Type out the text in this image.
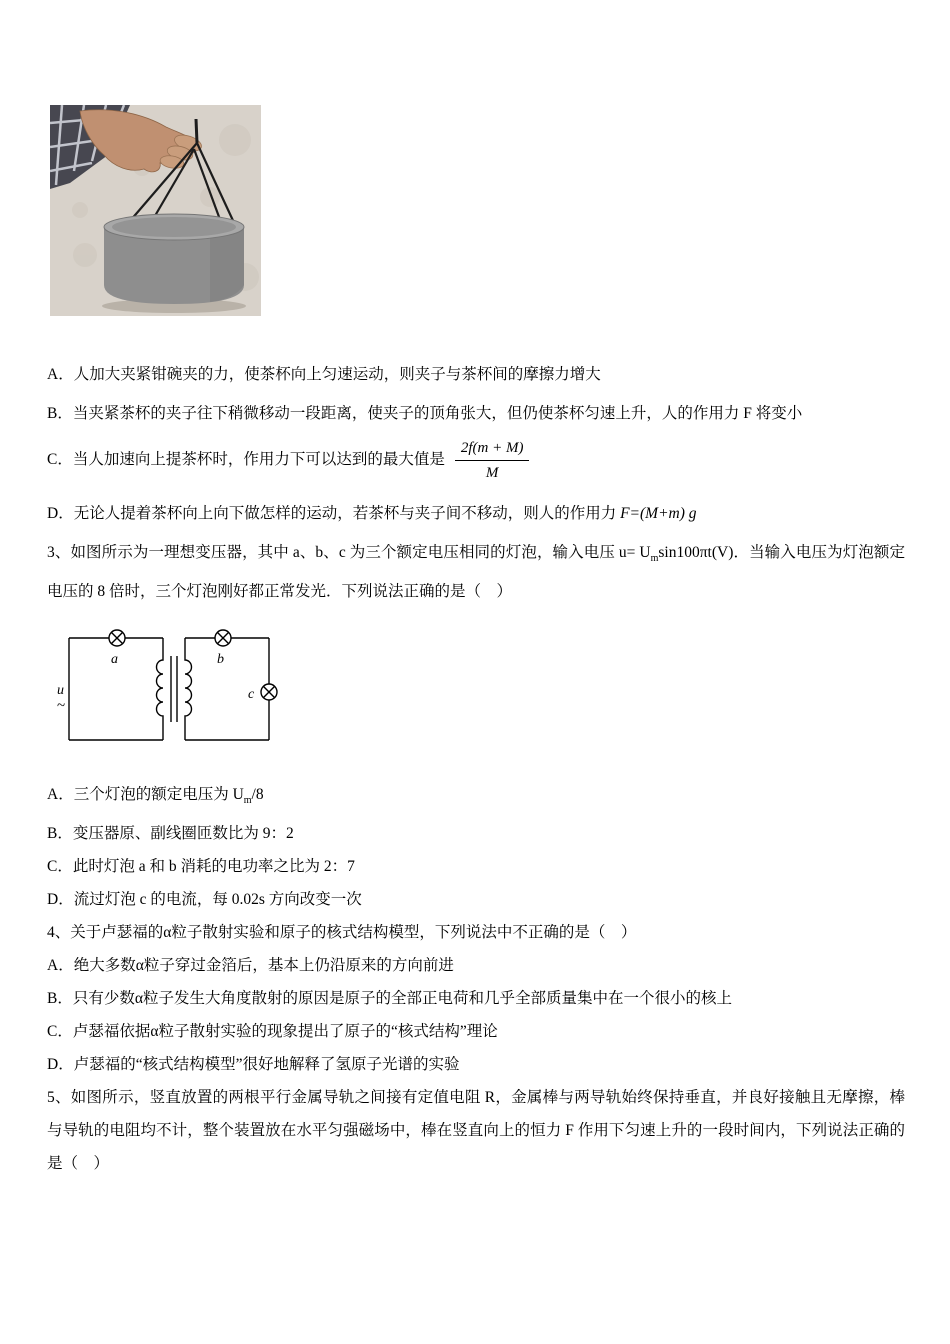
A．人加大夹紧钳碗夹的力，使茶杯向上匀速运动，则夹子与茶杯间的摩擦力增大

B．当夹紧茶杯的夹子往下稍微移动一段距离，使夹子的顶角张大，但仍使茶杯匀速上升，人的作用力 F 将变小

C．当人加速向上提茶杯时，作用力下可以达到的最大值是 $\frac{2f(m + M)}{M}$

D．无论人提着茶杯向上向下做怎样的运动，若茶杯与夹子间不移动，则人的作用力 F=(M+m) g

3、如图所示为一理想变压器，其中 a、b、c 为三个额定电压相同的灯泡，输入电压 $u= U_m\sin 100\pi t(V)$．当输入电压为灯泡额定电压的 8 倍时，三个灯泡刚好都正常发光．下列说法正确的是（　）

a	b
c
u
~

A．三个灯泡的额定电压为 $U_m/8$

B．变压器原、副线圈匝数比为 9：2

C．此时灯泡 a 和 b 消耗的电功率之比为 2：7

D．流过灯泡 c 的电流，每 0.02s 方向改变一次

4、关于卢瑟福的α粒子散射实验和原子的核式结构模型，下列说法中不正确的是（　）

A．绝大多数α粒子穿过金箔后，基本上仍沿原来的方向前进

B．只有少数α粒子发生大角度散射的原因是原子的全部正电荷和几乎全部质量集中在一个很小的核上

C．卢瑟福依据α粒子散射实验的现象提出了原子的“核式结构”理论

D．卢瑟福的“核式结构模型”很好地解释了氢原子光谱的实验

5、如图所示，竖直放置的两根平行金属导轨之间接有定值电阻 R，金属棒与两导轨始终保持垂直，并良好接触且无摩擦，棒与导轨的电阻均不计，整个装置放在水平匀强磁场中，棒在竖直向上的恒力 F 作用下匀速上升的一段时间内，下列说法正确的是（　）
